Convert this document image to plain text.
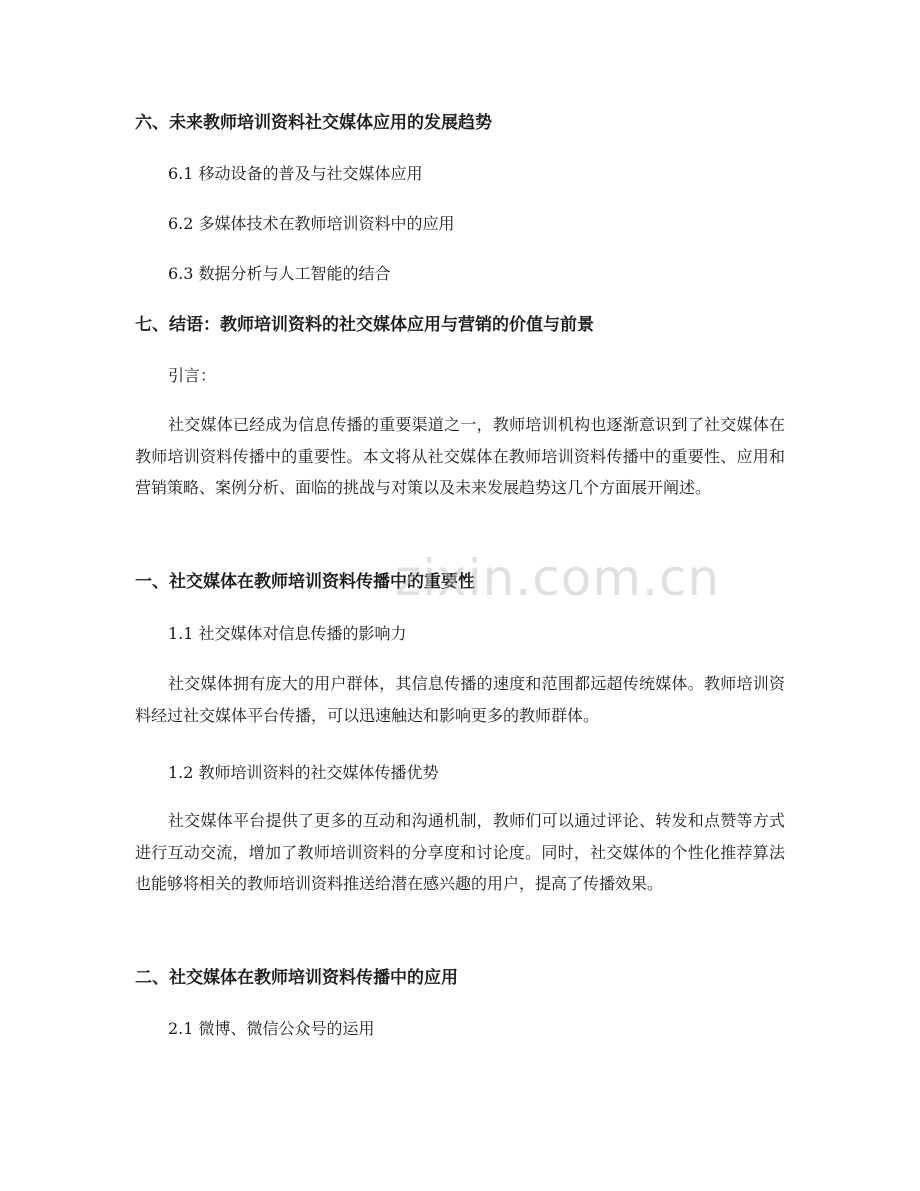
六、未来教师培训资料社交媒体应用的发展趋势

6.1 移动设备的普及与社交媒体应用

6.2 多媒体技术在教师培训资料中的应用

6.3 数据分析与人工智能的结合

七、结语：教师培训资料的社交媒体应用与营销的价值与前景

引言：

社交媒体已经成为信息传播的重要渠道之一，教师培训机构也逐渐意识到了社交媒体在教师培训资料传播中的重要性。本文将从社交媒体在教师培训资料传播中的重要性、应用和营销策略、案例分析、面临的挑战与对策以及未来发展趋势这几个方面展开阐述。

一、社交媒体在教师培训资料传播中的重要性

1.1 社交媒体对信息传播的影响力

社交媒体拥有庞大的用户群体，其信息传播的速度和范围都远超传统媒体。教师培训资料经过社交媒体平台传播，可以迅速触达和影响更多的教师群体。

1.2 教师培训资料的社交媒体传播优势

社交媒体平台提供了更多的互动和沟通机制，教师们可以通过评论、转发和点赞等方式进行互动交流，增加了教师培训资料的分享度和讨论度。同时，社交媒体的个性化推荐算法也能够将相关的教师培训资料推送给潜在感兴趣的用户，提高了传播效果。

二、社交媒体在教师培训资料传播中的应用

2.1 微博、微信公众号的运用

zixin.com.cn
